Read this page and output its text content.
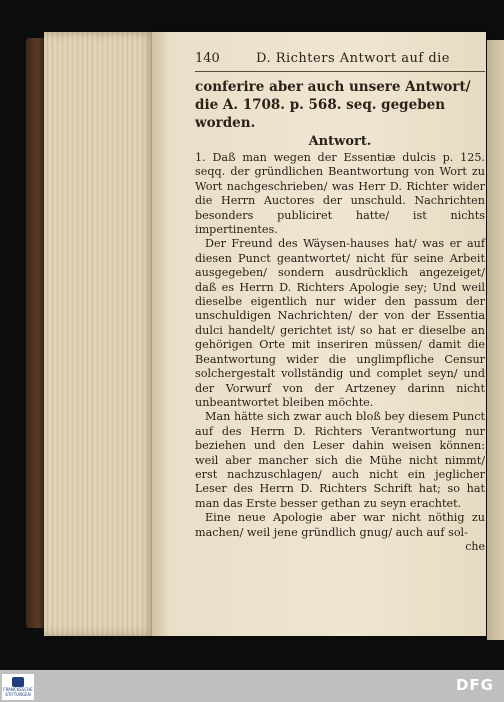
140	D. Richters Antwort auf die
conferire aber auch unsere Antwort/ die A. 1708. p. 568. seq. gegeben worden.
Antwort.

1. Daß man wegen der Essentiæ dulcis p. 125. seqq. der gründlichen Beantwortung von Wort zu Wort nachgeschrieben/ was Herr D. Richter wider die Herrn Auctores der unschuld. Nachrichten besonders publiciret hatte/ ist nichts impertinentes.

Der Freund des Wäysen-hauses hat/ was er auf diesen Punct geantwortet/ nicht für seine Arbeit ausgegeben/ sondern ausdrücklich angezeiget/ daß es Herrn D. Richters Apologie sey; Und weil dieselbe eigentlich nur wider den passum der unschuldigen Nachrichten/ der von der Essentia dulci handelt/ gerichtet ist/ so hat er dieselbe an gehörigen Orte mit inseriren müssen/ damit die Beantwortung wider die unglimpfliche Censur solchergestalt vollständig und complet seyn/ und der Vorwurf von der Artzeney darinn nicht unbeantwortet bleiben möchte.

Man hätte sich zwar auch bloß bey diesem Punct auf des Herrn D. Richters Verantwortung nur beziehen und den Leser dahin weisen können: weil aber mancher sich die Mühe nicht nimmt/ erst nachzuschlagen/ auch nicht ein jeglicher Leser des Herrn D. Richters Schrift hat; so hat man das Erste besser gethan zu seyn erachtet.

Eine neue Apologie aber war nicht nöthig zu machen/ weil jene gründlich gnug/ auch auf sol-

che
FRANCKESCHE STIFTUNGEN
DFG
